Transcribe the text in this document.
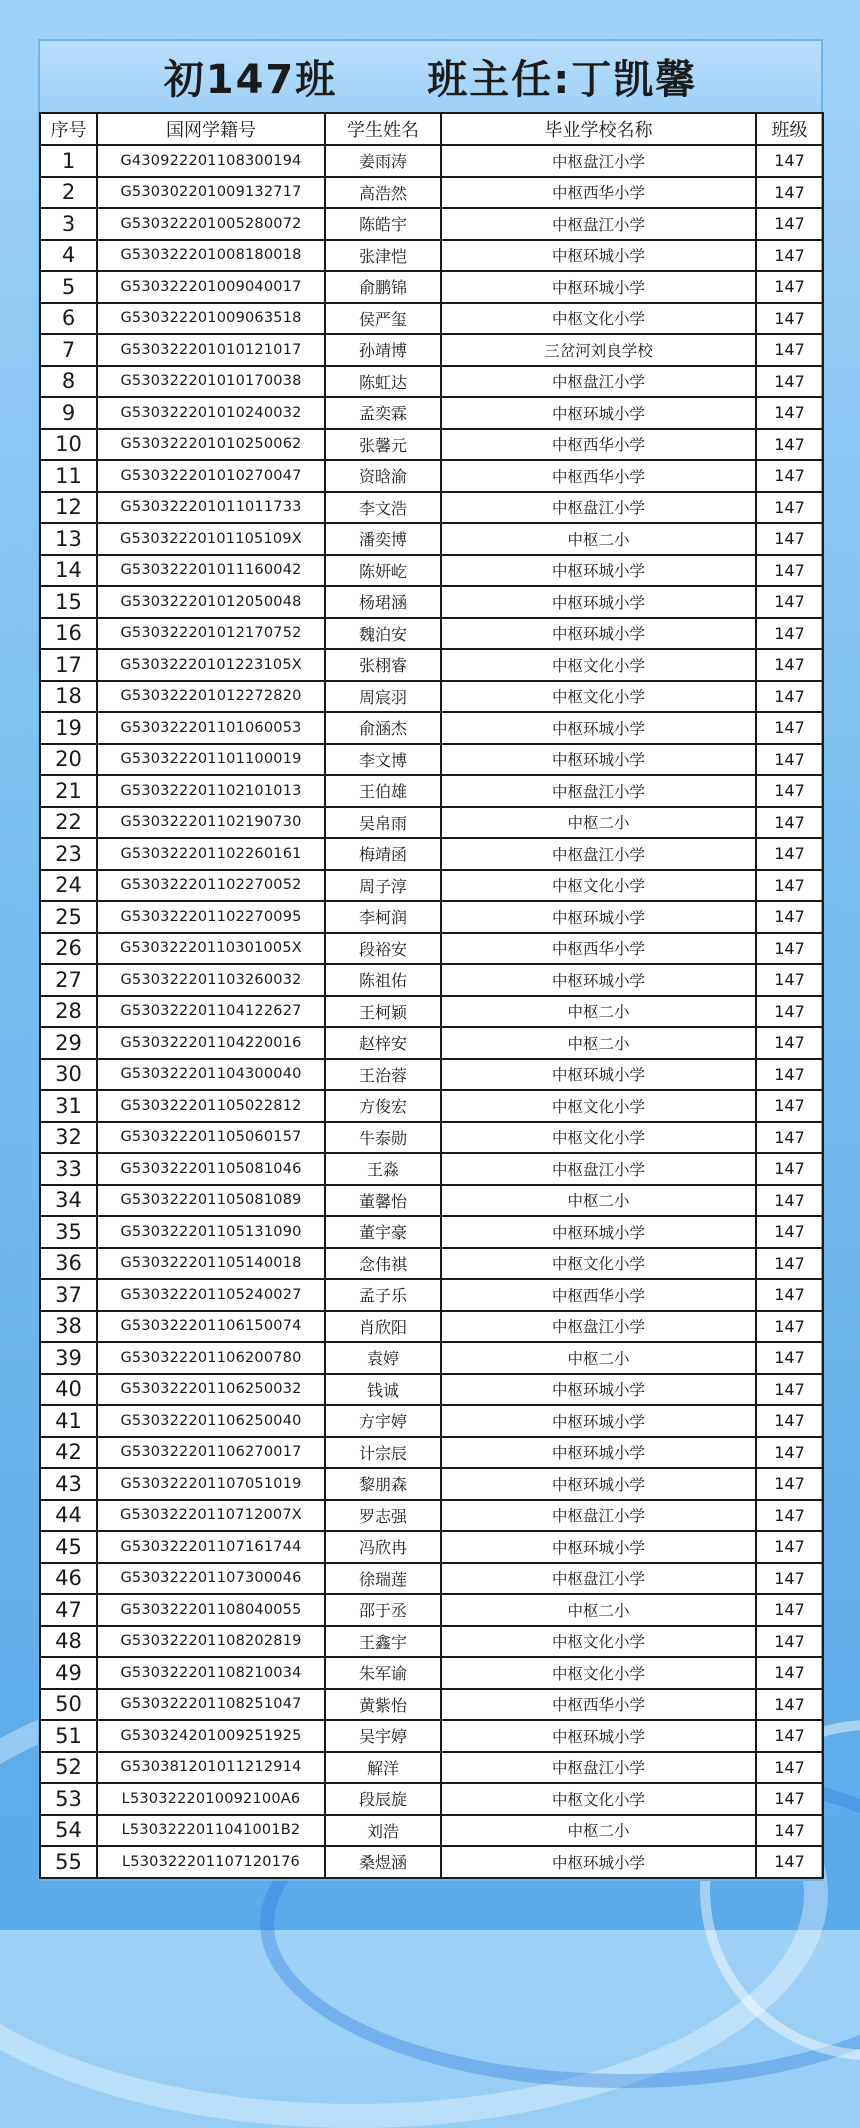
初147班 班主任:丁凯馨
序号	国网学籍号	学生姓名	毕业学校名称	班级
1	G430922201108300194	姜雨涛	中枢盘江小学	147
2	G530302201009132717	高浩然	中枢西华小学	147
3	G530322201005280072	陈皓宇	中枢盘江小学	147
4	G530322201008180018	张津恺	中枢环城小学	147
5	G530322201009040017	俞鹏锦	中枢环城小学	147
6	G530322201009063518	侯严玺	中枢文化小学	147
7	G530322201010121017	孙靖博	三岔河刘良学校	147
8	G530322201010170038	陈虹达	中枢盘江小学	147
9	G530322201010240032	孟奕霖	中枢环城小学	147
10	G530322201010250062	张馨元	中枢西华小学	147
11	G530322201010270047	资晗渝	中枢西华小学	147
12	G530322201011011733	李文浩	中枢盘江小学	147
13	G53032220101105109X	潘奕博	中枢二小	147
14	G530322201011160042	陈妍屹	中枢环城小学	147
15	G530322201012050048	杨珺涵	中枢环城小学	147
16	G530322201012170752	魏泊安	中枢环城小学	147
17	G53032220101223105X	张栩睿	中枢文化小学	147
18	G530322201012272820	周宸羽	中枢文化小学	147
19	G530322201101060053	俞涵杰	中枢环城小学	147
20	G530322201101100019	李文博	中枢环城小学	147
21	G530322201102101013	王伯雄	中枢盘江小学	147
22	G530322201102190730	吴帛雨	中枢二小	147
23	G530322201102260161	梅靖函	中枢盘江小学	147
24	G530322201102270052	周子淳	中枢文化小学	147
25	G530322201102270095	李柯润	中枢环城小学	147
26	G53032220110301005X	段裕安	中枢西华小学	147
27	G530322201103260032	陈祖佑	中枢环城小学	147
28	G530322201104122627	王柯颖	中枢二小	147
29	G530322201104220016	赵梓安	中枢二小	147
30	G530322201104300040	王治蓉	中枢环城小学	147
31	G530322201105022812	方俊宏	中枢文化小学	147
32	G530322201105060157	牛泰勋	中枢文化小学	147
33	G530322201105081046	王淼	中枢盘江小学	147
34	G530322201105081089	董馨怡	中枢二小	147
35	G530322201105131090	董宇豪	中枢环城小学	147
36	G530322201105140018	念伟祺	中枢文化小学	147
37	G530322201105240027	孟子乐	中枢西华小学	147
38	G530322201106150074	肖欣阳	中枢盘江小学	147
39	G530322201106200780	袁婷	中枢二小	147
40	G530322201106250032	钱诚	中枢环城小学	147
41	G530322201106250040	方宇婷	中枢环城小学	147
42	G530322201106270017	计宗辰	中枢环城小学	147
43	G530322201107051019	黎朋森	中枢环城小学	147
44	G53032220110712007X	罗志强	中枢盘江小学	147
45	G530322201107161744	冯欣冉	中枢环城小学	147
46	G530322201107300046	徐瑞莲	中枢盘江小学	147
47	G530322201108040055	邵于丞	中枢二小	147
48	G530322201108202819	王鑫宇	中枢文化小学	147
49	G530322201108210034	朱军谕	中枢文化小学	147
50	G530322201108251047	黄紫怡	中枢西华小学	147
51	G530324201009251925	吴宇婷	中枢环城小学	147
52	G530381201011212914	解洋	中枢盘江小学	147
53	L5303222010092100A6	段辰旋	中枢文化小学	147
54	L5303222011041001B2	刘浩	中枢二小	147
55	L530322201107120176	桑煜涵	中枢环城小学	147
